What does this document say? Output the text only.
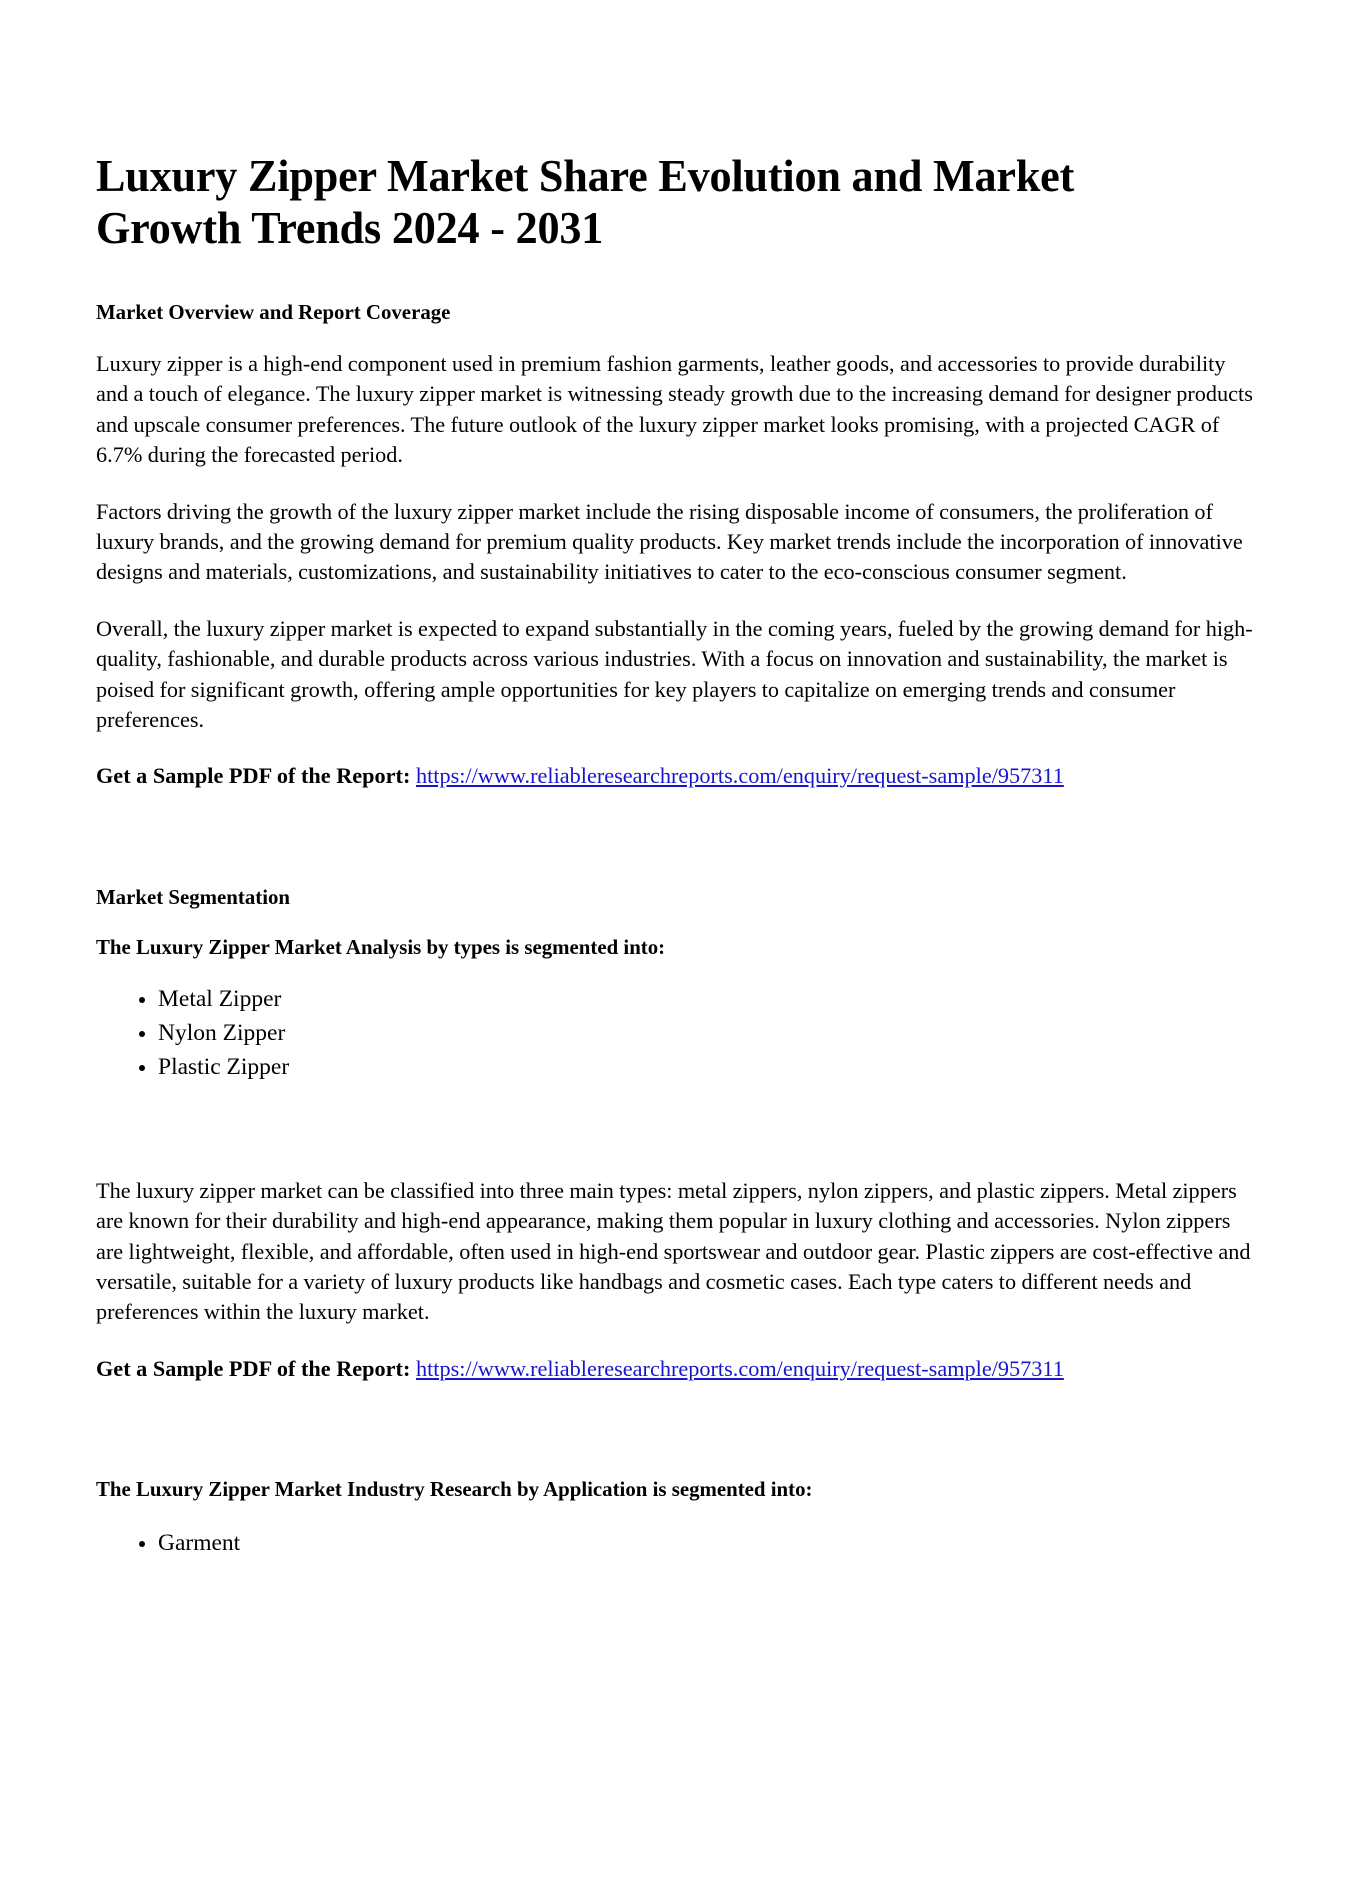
Luxury Zipper Market Share Evolution and Market Growth Trends 2024 - 2031
Market Overview and Report Coverage

Luxury zipper is a high-end component used in premium fashion garments, leather goods, and accessories to provide durability and a touch of elegance. The luxury zipper market is witnessing steady growth due to the increasing demand for designer products and upscale consumer preferences. The future outlook of the luxury zipper market looks promising, with a projected CAGR of 6.7% during the forecasted period.

Factors driving the growth of the luxury zipper market include the rising disposable income of consumers, the proliferation of luxury brands, and the growing demand for premium quality products. Key market trends include the incorporation of innovative designs and materials, customizations, and sustainability initiatives to cater to the eco-conscious consumer segment.

Overall, the luxury zipper market is expected to expand substantially in the coming years, fueled by the growing demand for high-quality, fashionable, and durable products across various industries. With a focus on innovation and sustainability, the market is poised for significant growth, offering ample opportunities for key players to capitalize on emerging trends and consumer preferences.

Get a Sample PDF of the Report: https://www.reliableresearchreports.com/enquiry/request-sample/957311

Market Segmentation
The Luxury Zipper Market Analysis by types is segmented into:
• Metal Zipper
• Nylon Zipper
• Plastic Zipper

The luxury zipper market can be classified into three main types: metal zippers, nylon zippers, and plastic zippers. Metal zippers are known for their durability and high-end appearance, making them popular in luxury clothing and accessories. Nylon zippers are lightweight, flexible, and affordable, often used in high-end sportswear and outdoor gear. Plastic zippers are cost-effective and versatile, suitable for a variety of luxury products like handbags and cosmetic cases. Each type caters to different needs and preferences within the luxury market.

Get a Sample PDF of the Report: https://www.reliableresearchreports.com/enquiry/request-sample/957311

The Luxury Zipper Market Industry Research by Application is segmented into:
• Garment
